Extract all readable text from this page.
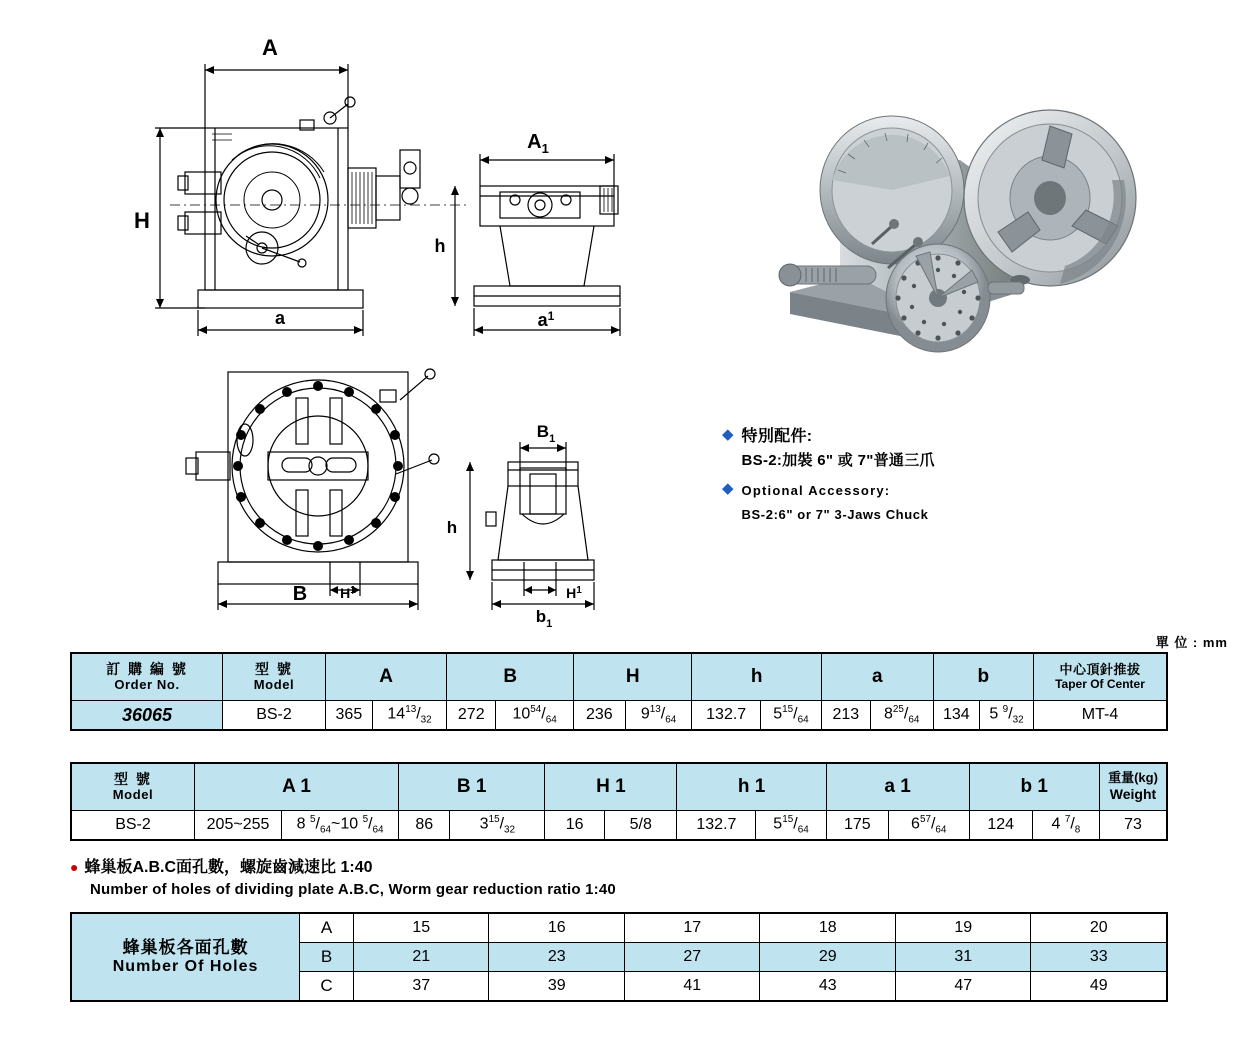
A
H
a
$A_1$
h
$a^1$
B $H^1$
$B_1$
h
$H^1$
$b_1$
◆ 特別配件:
BS-2:加裝 6" 或 7"普通三爪
◆ Optional Accessory:
BS-2:6" or 7" 3-Jaws Chuck
單 位 : mm
訂 購 編 號
Order No.

型 號
Model	A	B	H	h	a	b	中心頂針推拔
Taper Of Center

36065	BS-2	365	$14^{13}/_{32}$	272	$10^{54}/_{64}$	236	$9^{13}/_{64}$	132.7	$5^{15}/_{64}$	213	$8^{25}/_{64}$	134	5 $^9/_{32}$	MT-4
型 號
Model	A 1	B 1	H 1	h 1	a 1	b 1	重量(kg)
Weight

BS-2	205~255	8 $^5/_{64}\sim 10$ $^5/_{64}$	86	$3^{15}/_{32}$	16	5/8	132.7	$5^{15}/_{64}$	175	$6^{57}/_{64}$	124	4 $^7/_8$	73
● 蜂巢板A.B.C面孔數，螺旋齒減速比 1:40
Number of holes of dividing plate A.B.C, Worm gear reduction ratio 1:40
蜂巢板各面孔數
Number Of Holes	A	15	16	17	18	19	20
	B	21	23	27	29	31	33
	C	37	39	41	43	47	49
